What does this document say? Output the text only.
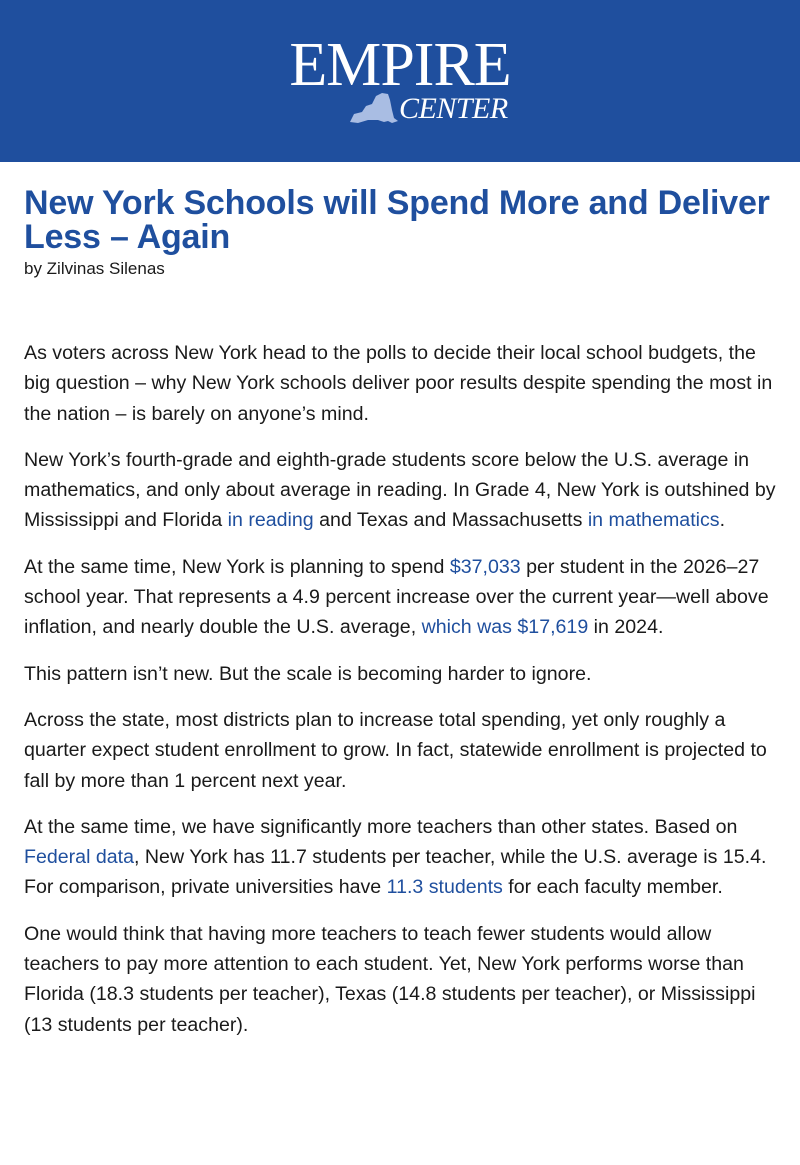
EMPIRE
CENTER
New York Schools will Spend More and Deliver Less – Again
by Zilvinas Silenas

As voters across New York head to the polls to decide their local school budgets, the big question – why New York schools deliver poor results despite spending the most in the nation – is barely on anyone’s mind.

New York’s fourth-grade and eighth-grade students score below the U.S. average in mathematics, and only about average in reading. In Grade 4, New York is outshined by Mississippi and Florida in reading and Texas and Massachusetts in mathematics.

At the same time, New York is planning to spend $37,033 per student in the 2026–27 school year. That represents a 4.9 percent increase over the current year—well above inflation, and nearly double the U.S. average, which was $17,619 in 2024.

This pattern isn’t new. But the scale is becoming harder to ignore.

Across the state, most districts plan to increase total spending, yet only roughly a quarter expect student enrollment to grow. In fact, statewide enrollment is projected to fall by more than 1 percent next year.

At the same time, we have significantly more teachers than other states. Based on Federal data, New York has 11.7 students per teacher, while the U.S. average is 15.4. For comparison, private universities have 11.3 students for each faculty member.

One would think that having more teachers to teach fewer students would allow teachers to pay more attention to each student. Yet, New York performs worse than Florida (18.3 students per teacher), Texas (14.8 students per teacher), or Mississippi (13 students per teacher).
